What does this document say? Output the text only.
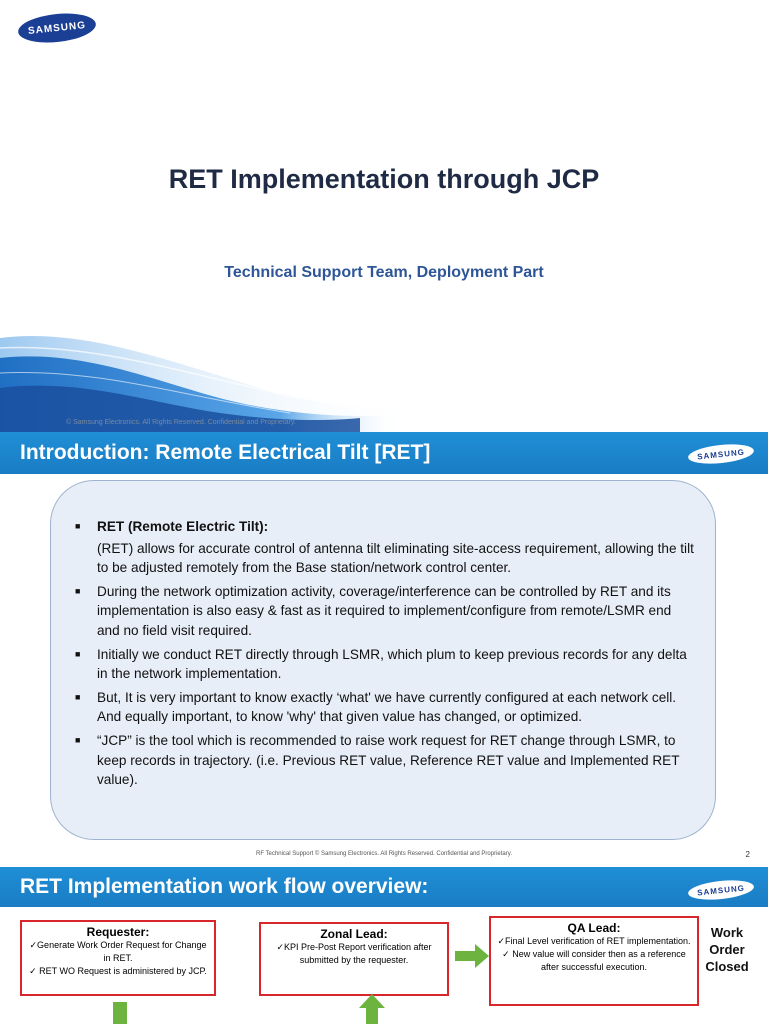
SAMSUNG
RET Implementation through JCP
Technical Support Team, Deployment Part
© Samsung Electronics. All Rights Reserved. Confidential and Proprietary.
Introduction: Remote Electrical Tilt [RET]	SAMSUNG
■ RET (Remote Electric Tilt):
(RET) allows for accurate control of antenna tilt eliminating site-access requirement, allowing the tilt to be adjusted remotely from the Base station/network control center.
■ During the network optimization activity, coverage/interference can be controlled by RET and its implementation is also easy & fast as it required to implement/configure from remote/LSMR end and no field visit required.
■ Initially we conduct RET directly through LSMR, which plum to keep previous records for any delta in the network implementation.
■ But, It is very important to know exactly ‘what' we have currently configured at each network cell. And equally important, to know 'why' that given value has changed, or optimized.
■ “JCP” is the tool which is recommended to raise work request for RET change through LSMR, to keep records in trajectory. (i.e. Previous RET value, Reference RET value and Implemented RET value).
RF Technical Support © Samsung Electronics. All Rights Reserved. Confidential and Proprietary.	2
RET Implementation work flow overview:	SAMSUNG
Requester:
✓Generate Work Order Request for Change in RET.
✓ RET WO Request is administered by JCP.
Zonal Lead:
✓KPI Pre-Post Report verification after submitted by the requester.
QA Lead:
✓Final Level verification of RET implementation.
✓ New value will consider then as a reference after successful execution.
Work Order Closed
